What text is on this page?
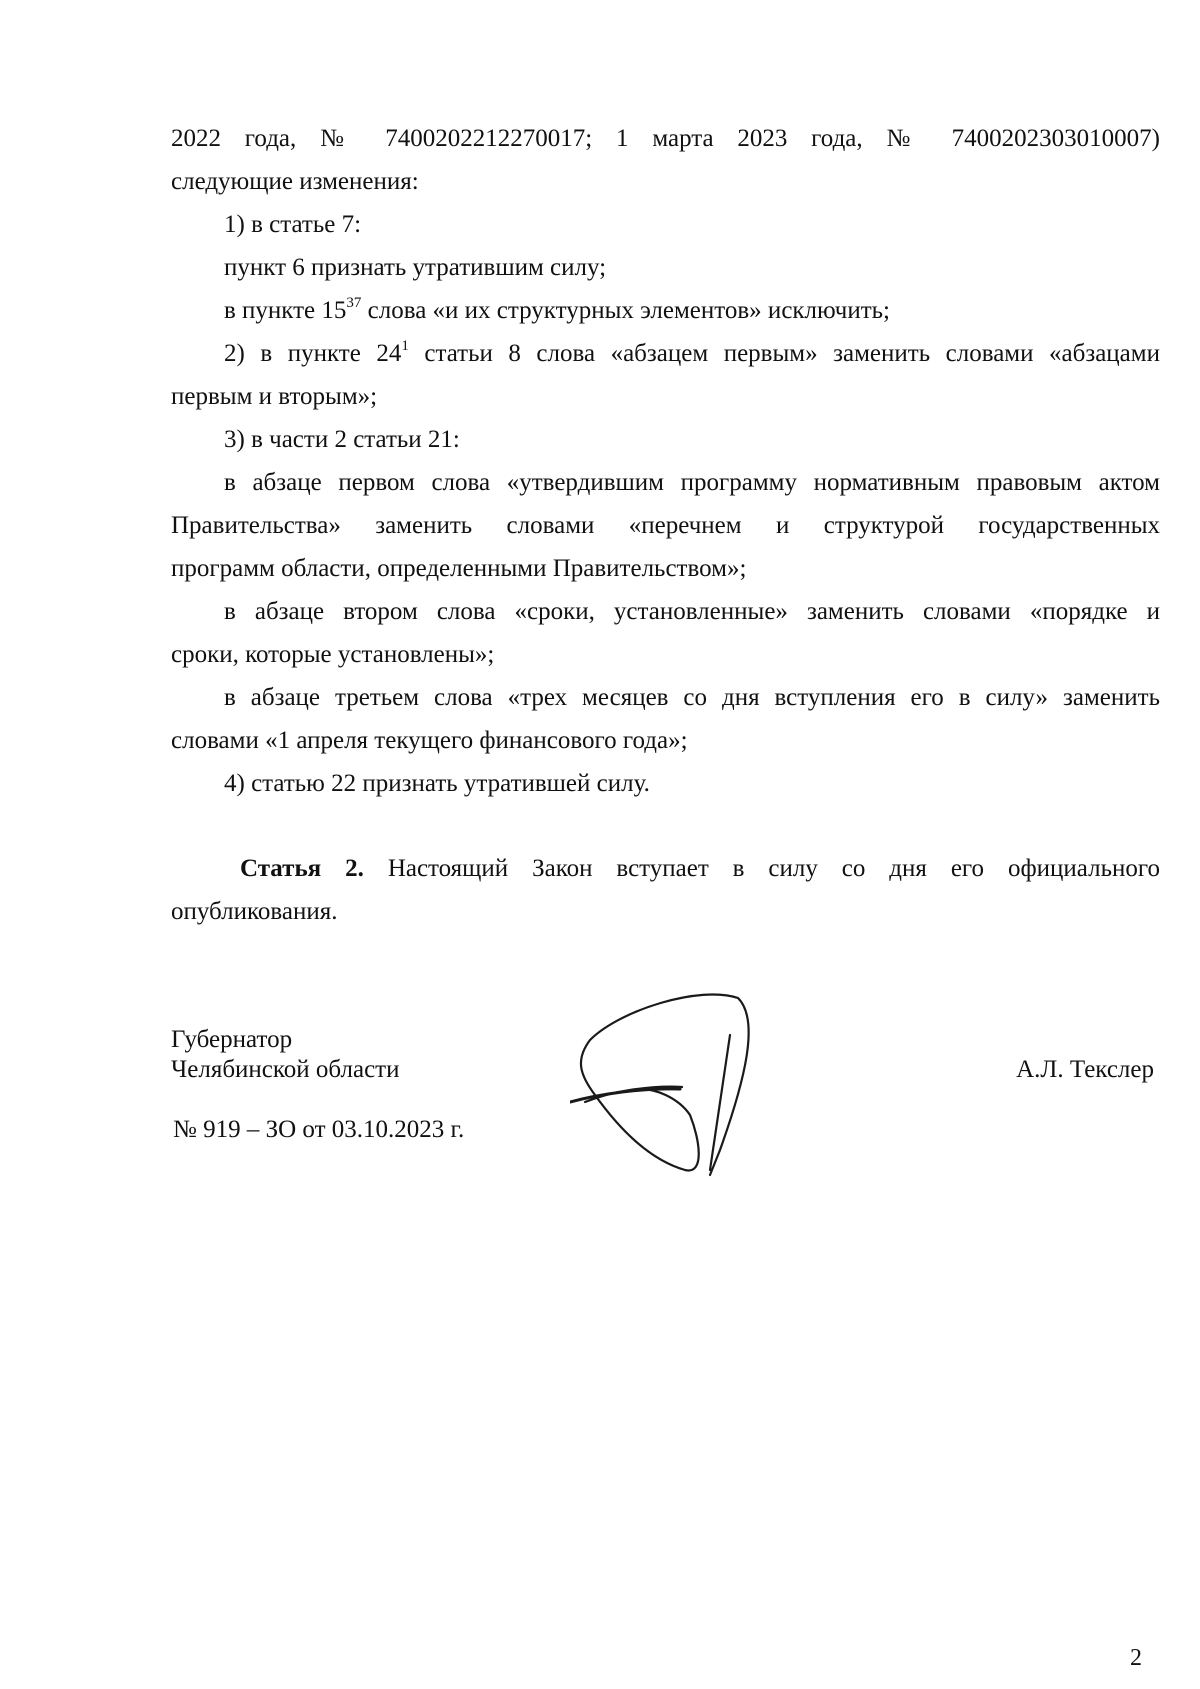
2022 года, № 7400202212270017; 1 марта 2023 года, № 7400202303010007)
следующие изменения:
1) в статье 7:
пункт 6 признать утратившим силу;
в пункте $15^{37}$ слова «и их структурных элементов» исключить;
2) в пункте $24^1$ статьи 8 слова «абзацем первым» заменить словами «абзацами
первым и вторым»;
3) в части 2 статьи 21:
в абзаце первом слова «утвердившим программу нормативным правовым актом
Правительства» заменить словами «перечнем и структурой государственных
программ области, определенными Правительством»;
в абзаце втором слова «сроки, установленные» заменить словами «порядке и
сроки, которые установлены»;
в абзаце третьем слова «трех месяцев со дня вступления его в силу» заменить
словами «1 апреля текущего финансового года»;
4) статью 22 признать утратившей силу.
Статья 2. Настоящий Закон вступает в силу со дня его официального
опубликования.
Губернатор
Челябинской области	А.Л. Текслер
№ 919 – ЗО от 03.10.2023 г.
2
